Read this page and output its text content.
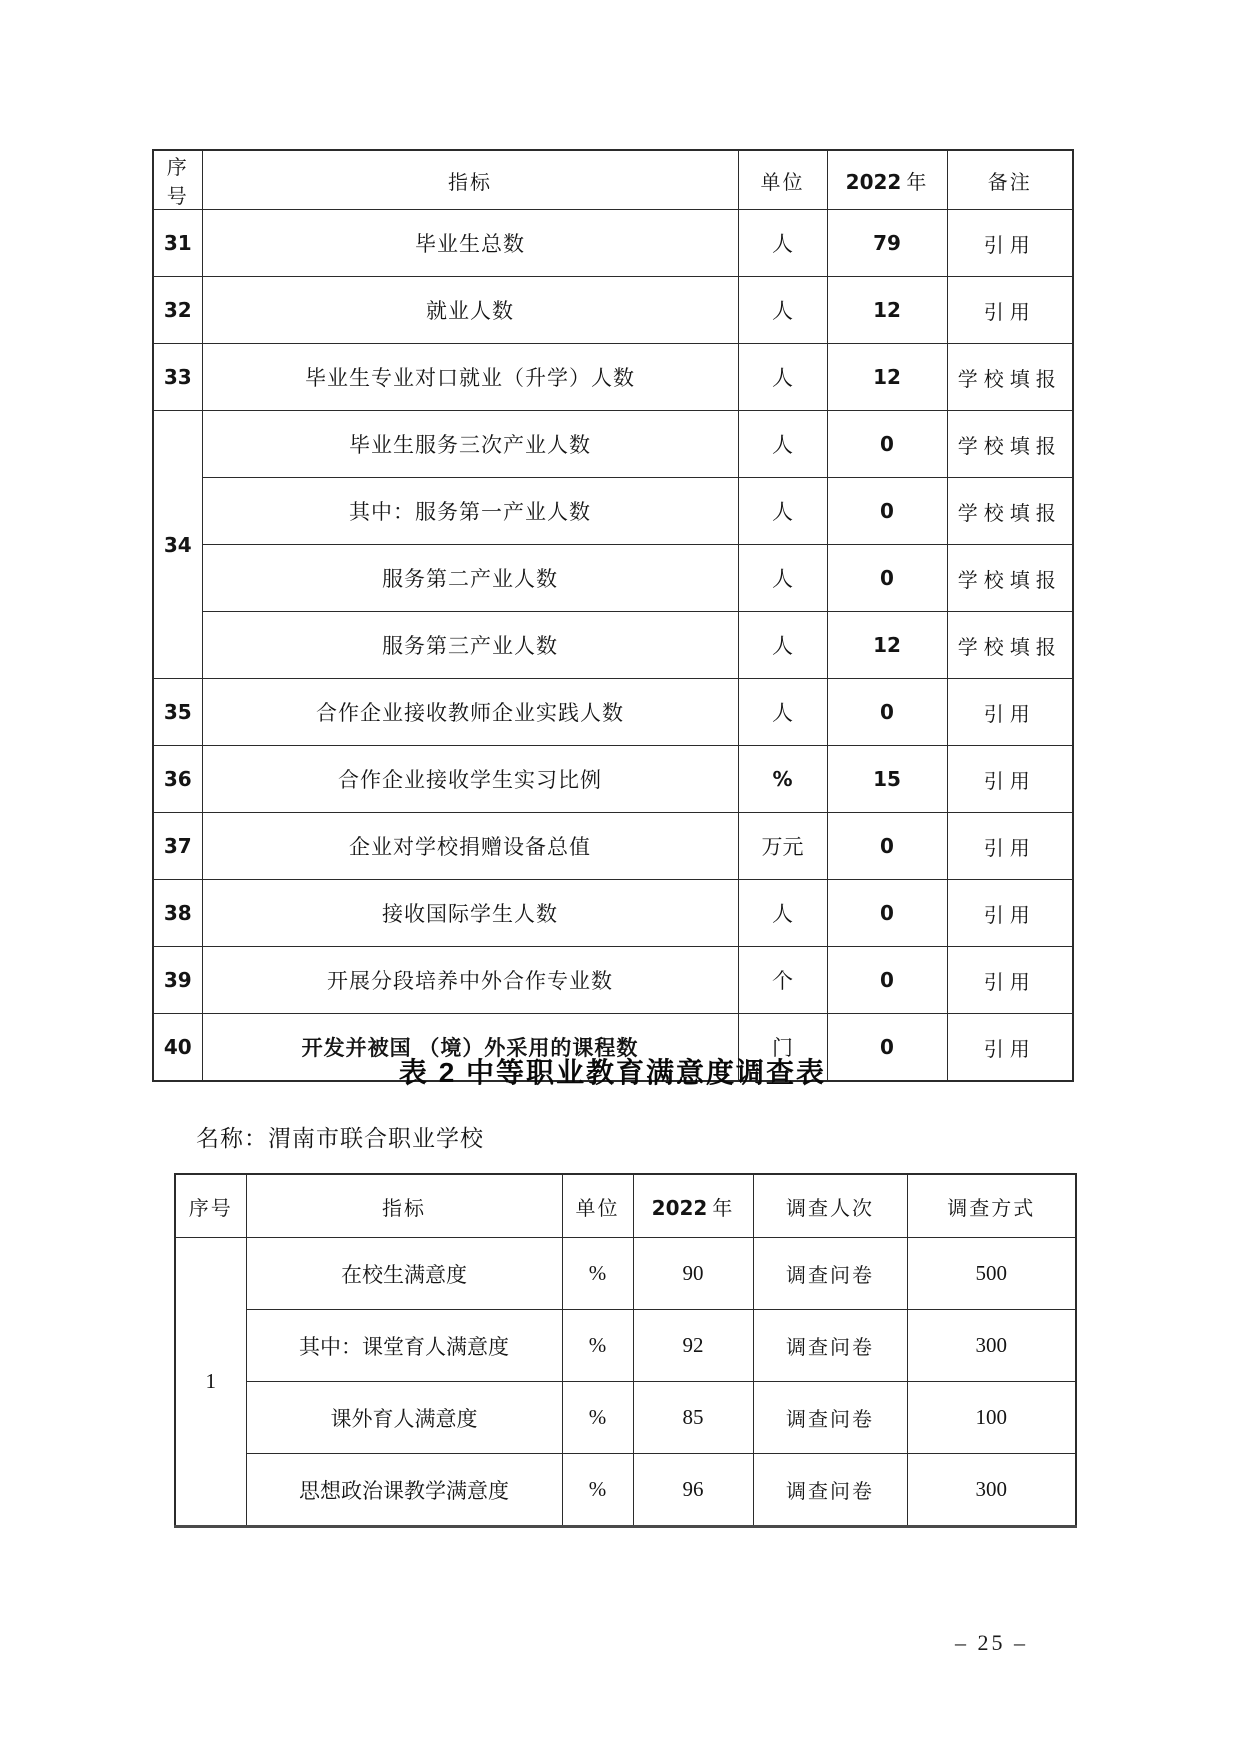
序号	指标	单位	2022 年	备注
31	毕业生总数	人	79	引用
32	就业人数	人	12	引用
33	毕业生专业对口就业（升学）人数	人	12	学校填报
34	毕业生服务三次产业人数	人	0	学校填报
	其中：服务第一产业人数	人	0	学校填报
	服务第二产业人数	人	0	学校填报
	服务第三产业人数	人	12	学校填报
35	合作企业接收教师企业实践人数	人	0	引用
36	合作企业接收学生实习比例	%	15	引用
37	企业对学校捐赠设备总值	万元	0	引用
38	接收国际学生人数	人	0	引用
39	开展分段培养中外合作专业数	个	0	引用
40	开发并被国 （境）外采用的课程数	门	0	引用
表 2 中等职业教育满意度调查表
名称：渭南市联合职业学校
序号	指标	单位	2022 年	调查人次	调查方式
1	在校生满意度	%	90	调查问卷	500
	其中：课堂育人满意度	%	92	调查问卷	300
	课外育人满意度	%	85	调查问卷	100
	思想政治课教学满意度	%	96	调查问卷	300
– 25 –
